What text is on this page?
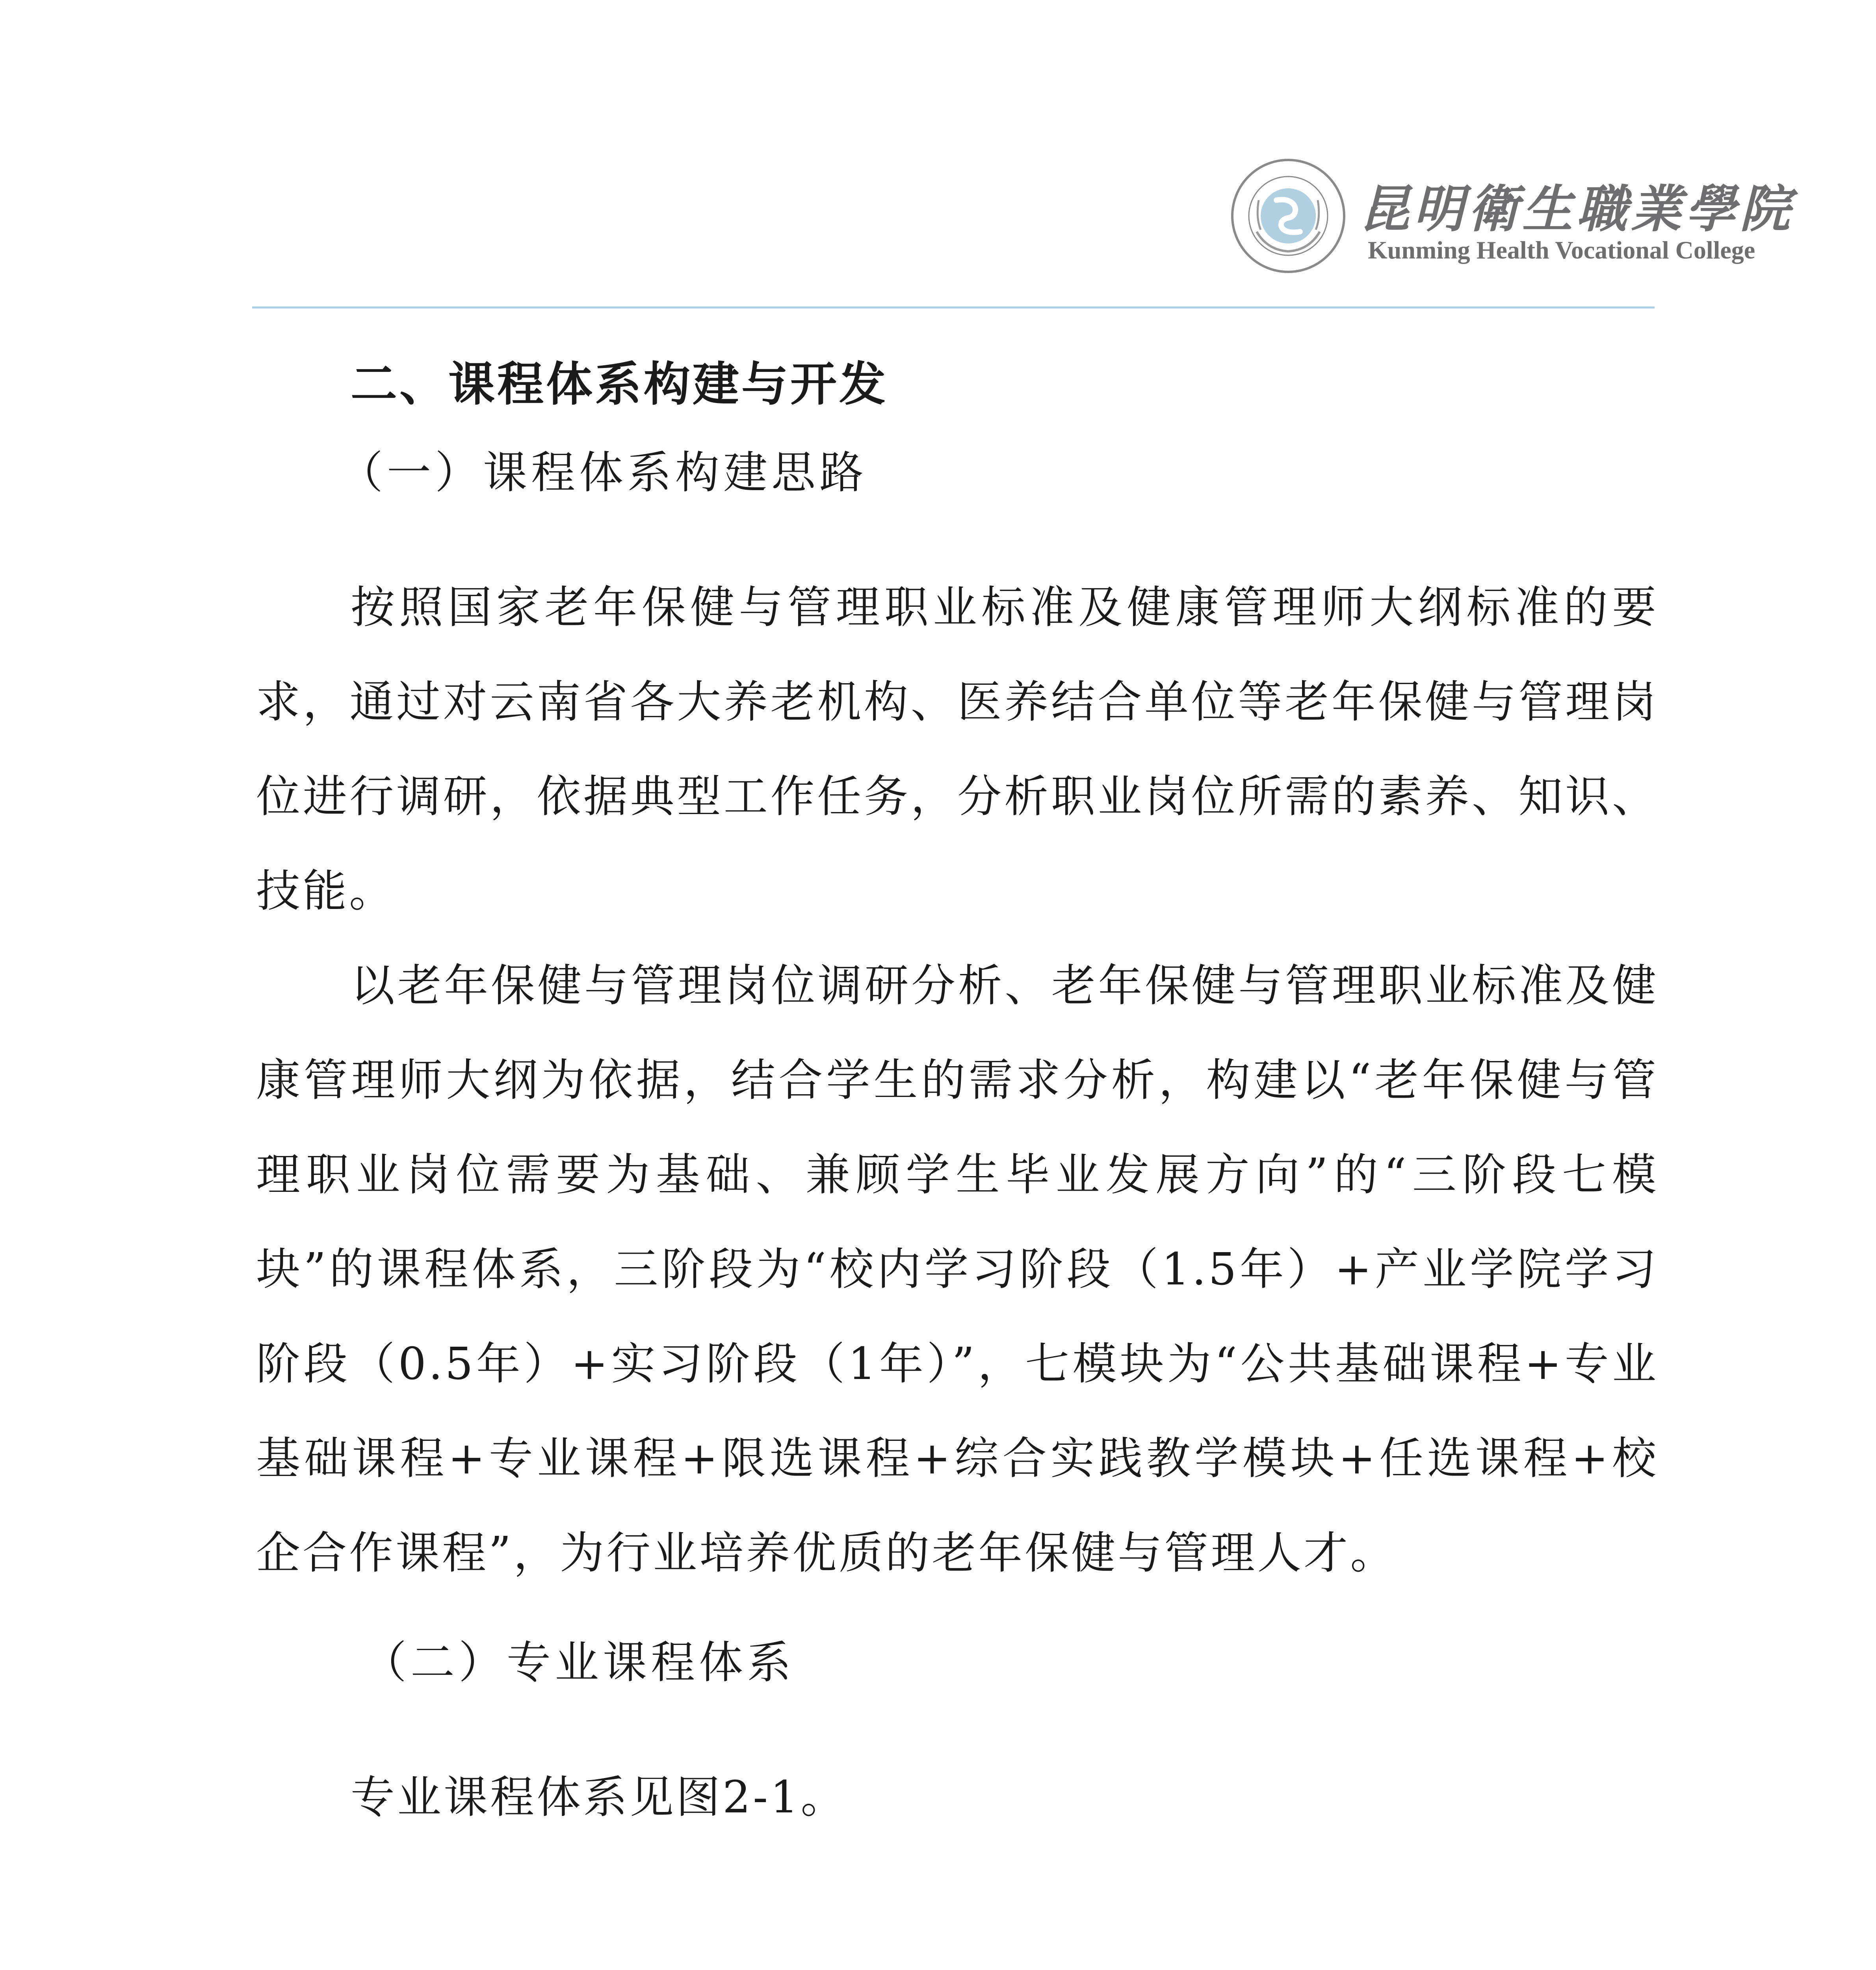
昆明衛生職業學院
Kunming Health Vocational College
二、课程体系构建与开发
（一）课程体系构建思路

按照国家老年保健与管理职业标准及健康管理师大纲标准的要求，通过对云南省各大养老机构、医养结合单位等老年保健与管理岗位进行调研，依据典型工作任务，分析职业岗位所需的素养、知识、技能。

以老年保健与管理岗位调研分析、老年保健与管理职业标准及健康管理师大纲为依据，结合学生的需求分析，构建以“老年保健与管理职业岗位需要为基础、兼顾学生毕业发展方向”的“三阶段七模块”的课程体系，三阶段为“校内学习阶段（1.5年）+产业学院学习阶段（0.5年）+实习阶段（1年）”，七模块为“公共基础课程+专业基础课程+专业课程+限选课程+综合实践教学模块+任选课程+校企合作课程”，为行业培养优质的老年保健与管理人才。

（二）专业课程体系

专业课程体系见图2-1。
